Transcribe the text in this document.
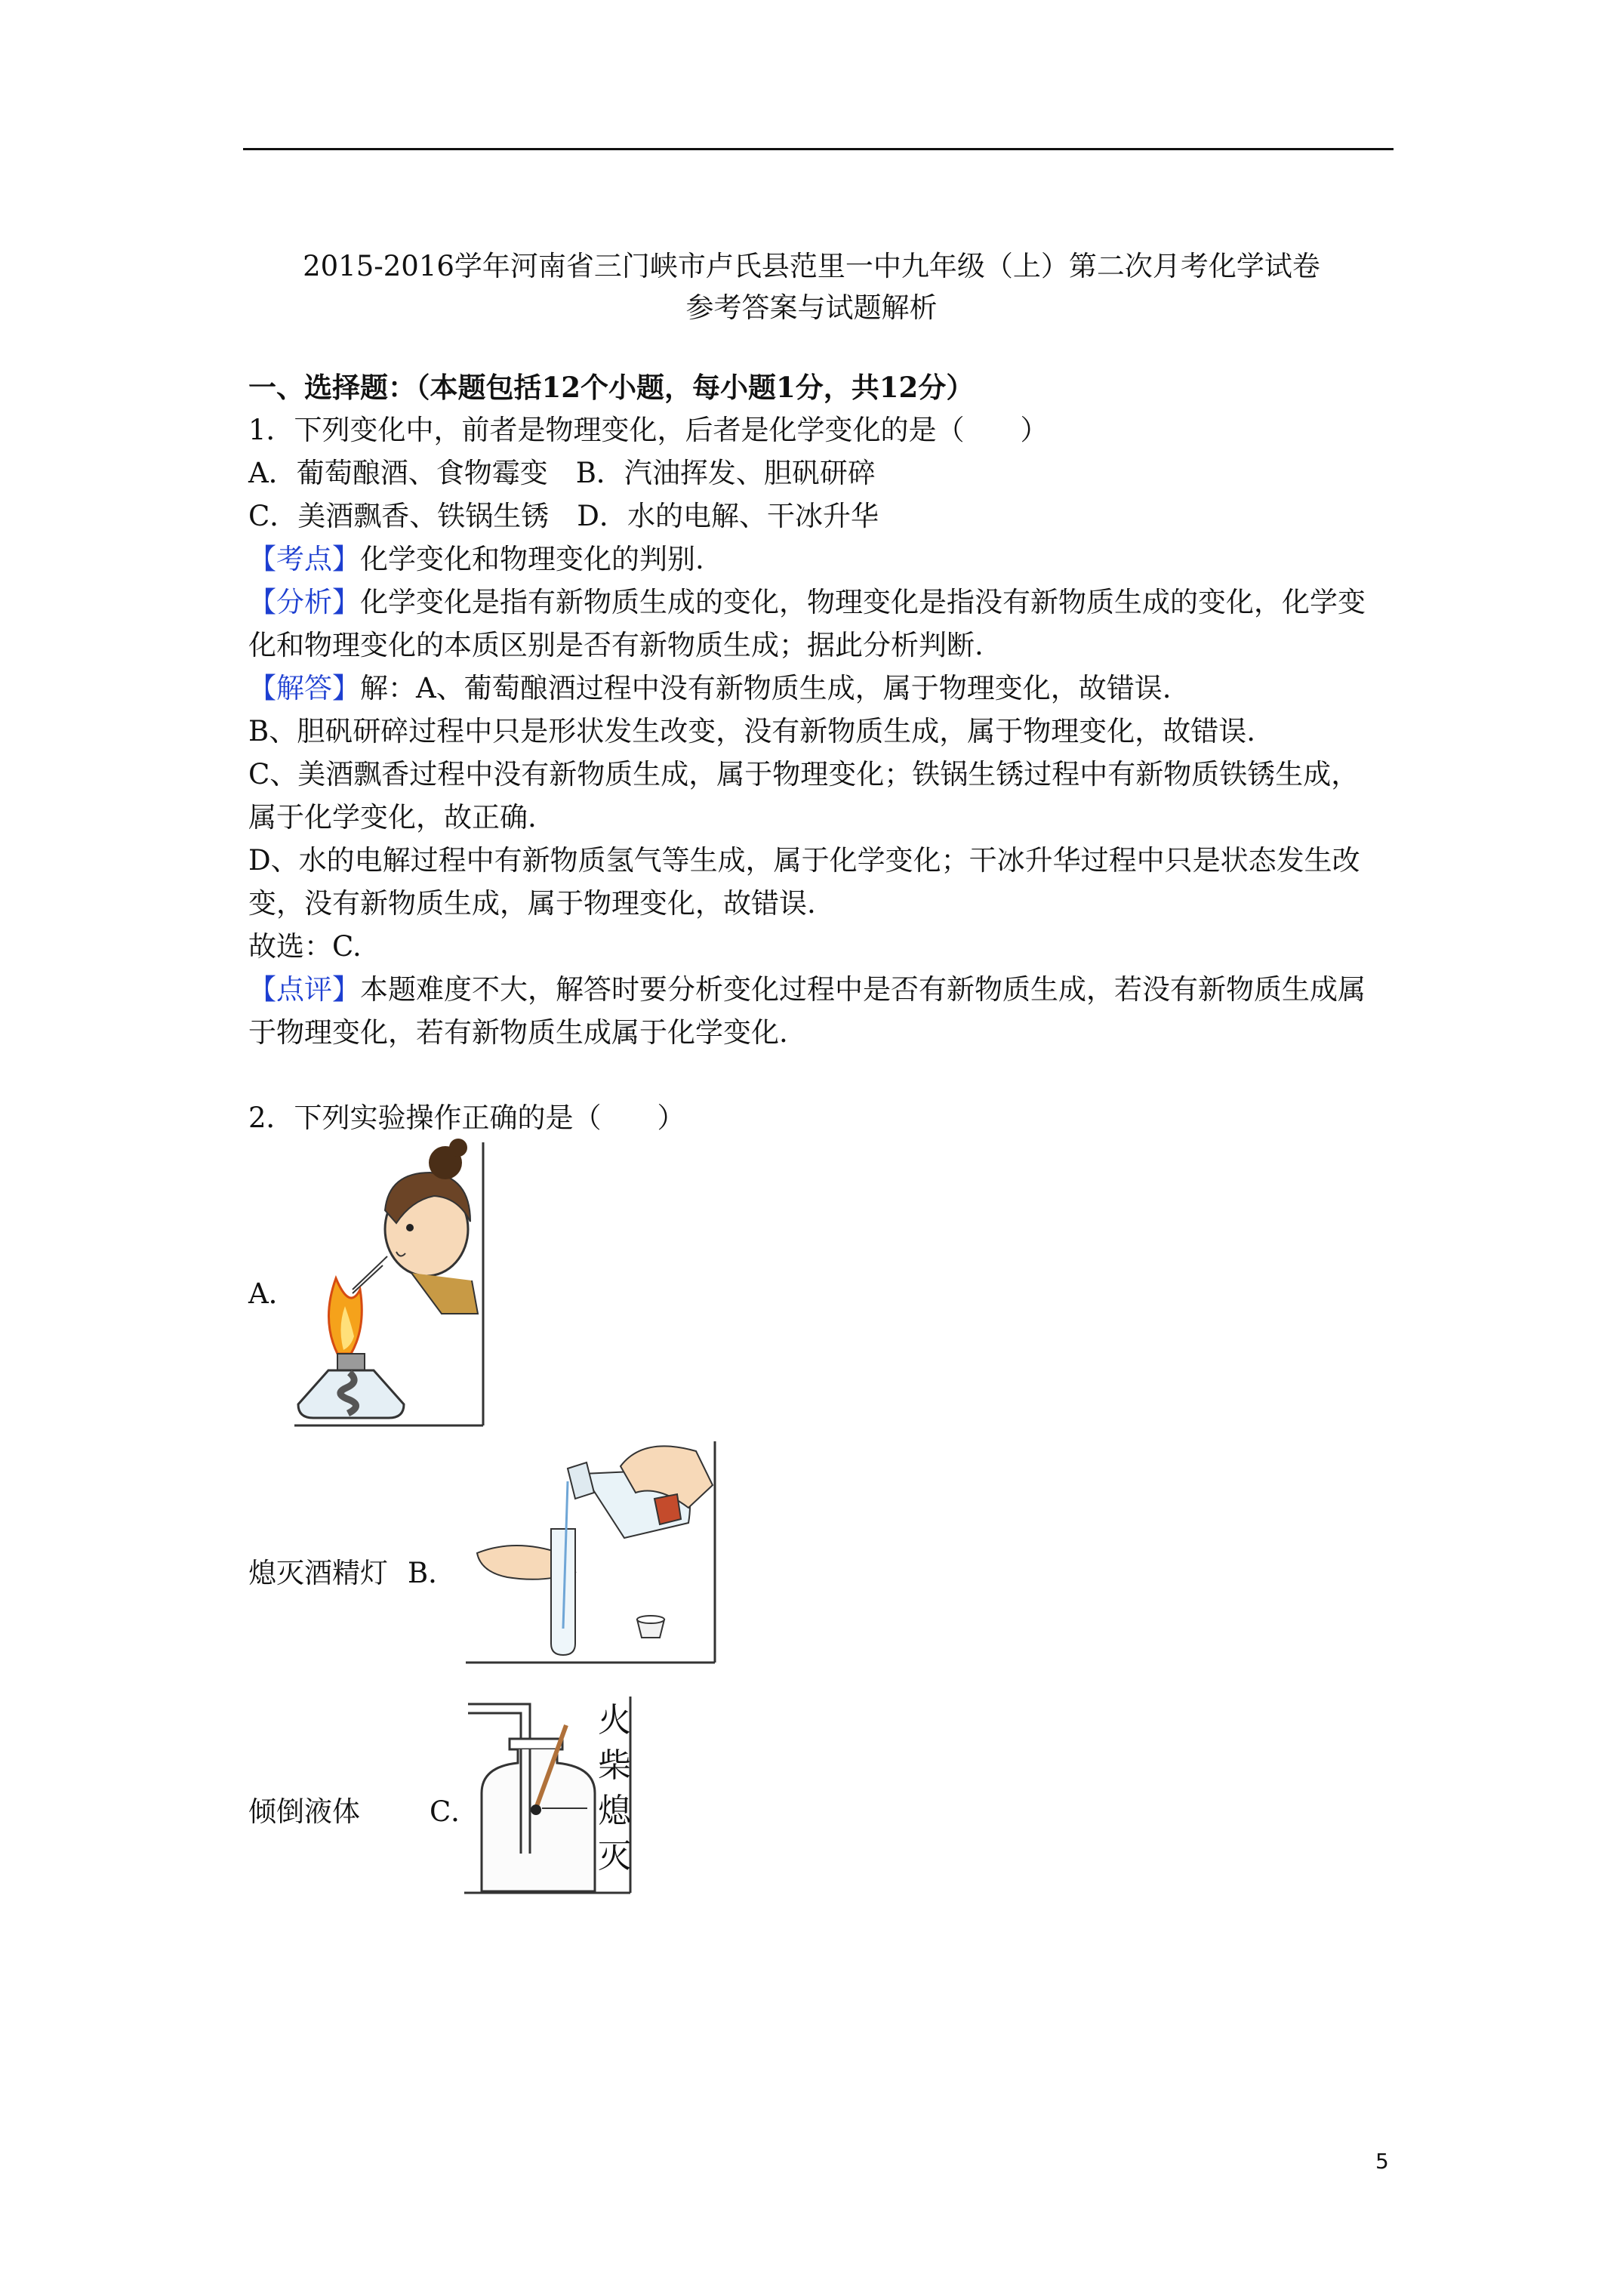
2015-2016学年河南省三门峡市卢氏县范里一中九年级（上）第二次月考化学试卷
参考答案与试题解析
一、选择题：（本题包括12个小题，每小题1分，共12分）
1．下列变化中，前者是物理变化，后者是化学变化的是（　　）
A．葡萄酿酒、食物霉变　B．汽油挥发、胆矾研碎
C．美酒飘香、铁锅生锈　D．水的电解、干冰升华
【考点】化学变化和物理变化的判别.
【分析】化学变化是指有新物质生成的变化，物理变化是指没有新物质生成的变化，化学变
化和物理变化的本质区别是否有新物质生成；据此分析判断.
【解答】解：A、葡萄酿酒过程中没有新物质生成，属于物理变化，故错误.
B、胆矾研碎过程中只是形状发生改变，没有新物质生成，属于物理变化，故错误.
C、美酒飘香过程中没有新物质生成，属于物理变化；铁锅生锈过程中有新物质铁锈生成，
属于化学变化，故正确.
D、水的电解过程中有新物质氢气等生成，属于化学变化；干冰升华过程中只是状态发生改
变，没有新物质生成，属于物理变化，故错误.
故选：C.
【点评】本题难度不大，解答时要分析变化过程中是否有新物质生成，若没有新物质生成属
于物理变化，若有新物质生成属于化学变化.
2．下列实验操作正确的是（　　）
A．
熄灭酒精灯 B．
倾倒液体 C．
火
柴
熄
灭
5
